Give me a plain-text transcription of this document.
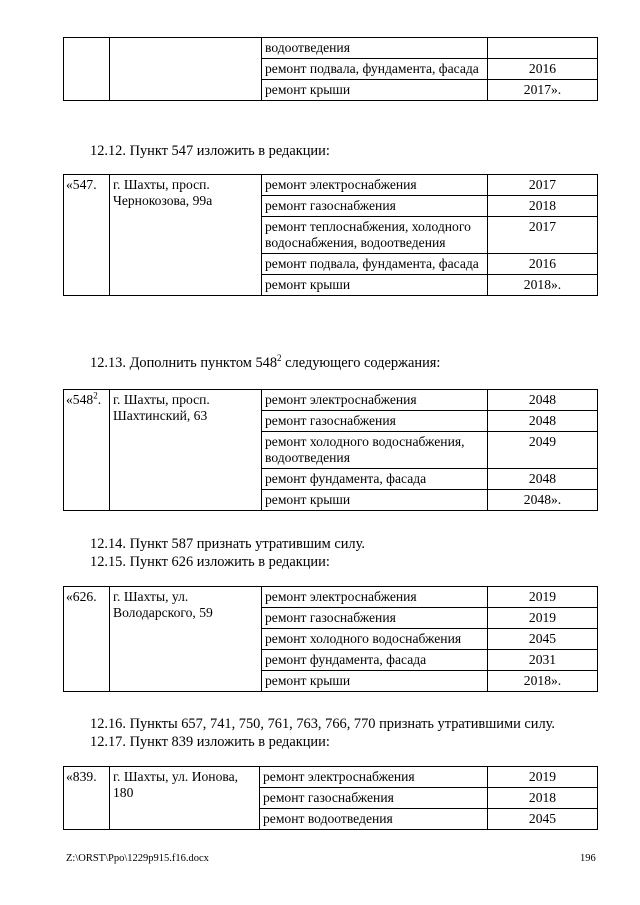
		водоотведения	
		ремонт подвала, фундамента, фасада	2016
		ремонт крыши	2017».
12.12. Пункт 547 изложить в редакции:
«547.	г. Шахты, просп. Чернокозова, 99а	ремонт электроснабжения	2017
		ремонт газоснабжения	2018
		ремонт теплоснабжения, холодного водоснабжения, водоотведения	2017
		ремонт подвала, фундамента, фасада	2016
		ремонт крыши	2018».
12.13. Дополнить пунктом $548^2$ следующего содержания:
«$548^2$.	г. Шахты, просп. Шахтинский, 63	ремонт электроснабжения	2048
		ремонт газоснабжения	2048
		ремонт холодного водоснабжения, водоотведения	2049
		ремонт фундамента, фасада	2048
		ремонт крыши	2048».
12.14. Пункт 587 признать утратившим силу.
12.15. Пункт 626 изложить в редакции:
«626.	г. Шахты, ул. Володарского, 59	ремонт электроснабжения	2019
		ремонт газоснабжения	2019
		ремонт холодного водоснабжения	2045
		ремонт фундамента, фасада	2031
		ремонт крыши	2018».
12.16. Пункты 657, 741, 750, 761, 763, 766, 770 признать утратившими силу.
12.17. Пункт 839 изложить в редакции:
«839.	г. Шахты, ул. Ионова, 180	ремонт электроснабжения	2019
		ремонт газоснабжения	2018
		ремонт водоотведения	2045
Z:\ORST\Ppo\1229p915.f16.docx	196
